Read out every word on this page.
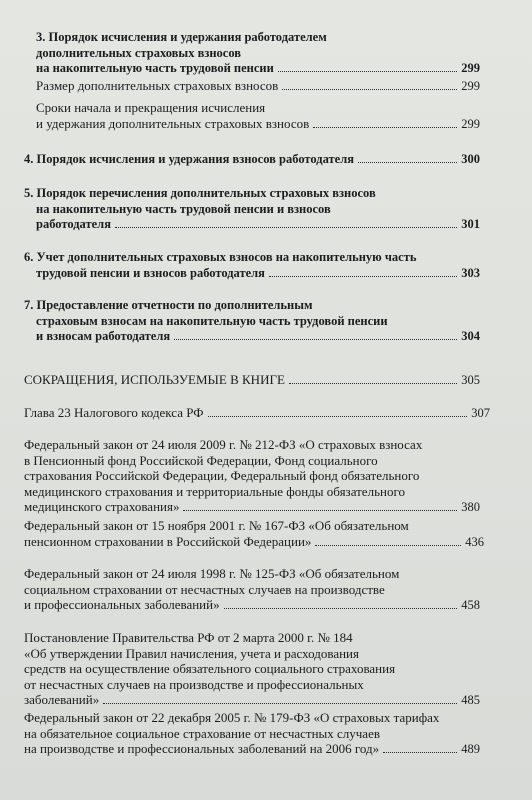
3. Порядок исчисления и удержания работодателем
дополнительных страховых взносов
на накопительную часть трудовой пенсии	299
Размер дополнительных страховых взносов	299
Сроки начала и прекращения исчисления
и удержания дополнительных страховых взносов	299
4. Порядок исчисления и удержания взносов работодателя	300
5. Порядок перечисления дополнительных страховых взносов
на накопительную часть трудовой пенсии и взносов
работодателя	301
6. Учет дополнительных страховых взносов на накопительную часть
трудовой пенсии и взносов работодателя	303
7. Предоставление отчетности по дополнительным
страховым взносам на накопительную часть трудовой пенсии
и взносам работодателя	304
СОКРАЩЕНИЯ, ИСПОЛЬЗУЕМЫЕ В КНИГЕ	305
Глава 23 Налогового кодекса РФ	307
Федеральный закон от 24 июля 2009 г. № 212-ФЗ «О страховых взносах
в Пенсионный фонд Российской Федерации, Фонд социального
страхования Российской Федерации, Федеральный фонд обязательного
медицинского страхования и территориальные фонды обязательного
медицинского страхования»	380
Федеральный закон от 15 ноября 2001 г. № 167-ФЗ «Об обязательном
пенсионном страховании в Российской Федерации»	436
Федеральный закон от 24 июля 1998 г. № 125-ФЗ «Об обязательном
социальном страховании от несчастных случаев на производстве
и профессиональных заболеваний»	458
Постановление Правительства РФ от 2 марта 2000 г. № 184
«Об утверждении Правил начисления, учета и расходования
средств на осуществление обязательного социального страхования
от несчастных случаев на производстве и профессиональных
заболеваний»	485
Федеральный закон от 22 декабря 2005 г. № 179-ФЗ «О страховых тарифах
на обязательное социальное страхование от несчастных случаев
на производстве и профессиональных заболеваний на 2006 год»	489
